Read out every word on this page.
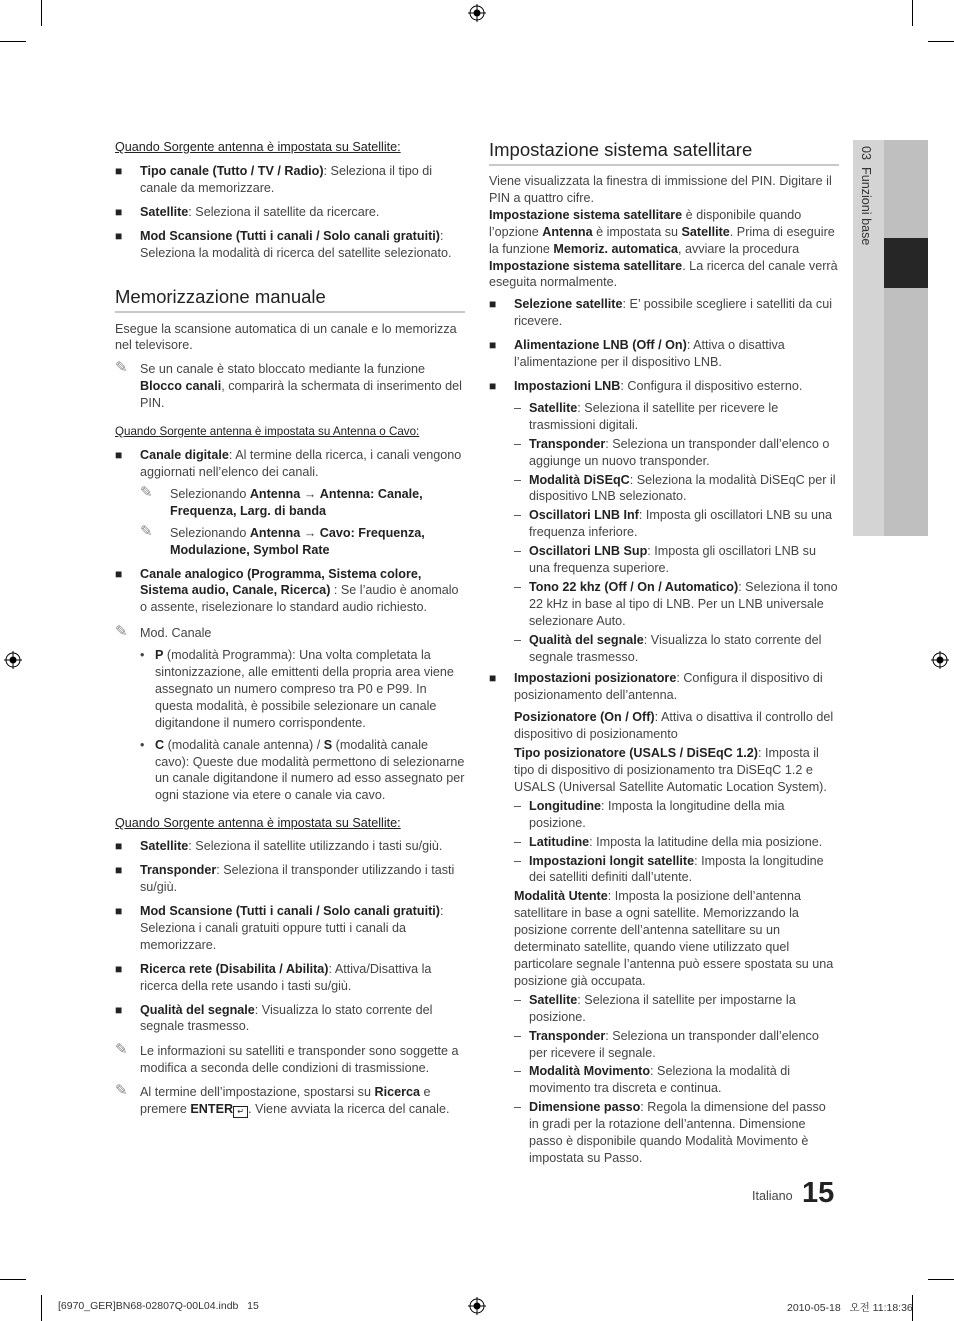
03  Funzioni base

Quando Sorgente antenna è impostata su Satellite:

■ Tipo canale (Tutto / TV / Radio): Seleziona il tipo di canale da memorizzare.

■ Satellite: Seleziona il satellite da ricercare.

■ Mod Scansione (Tutti i canali / Solo canali gratuiti): Seleziona la modalità di ricerca del satellite selezionato.

Memorizzazione manuale

Esegue la scansione automatica di un canale e lo memorizza nel televisore.

✎ Se un canale è stato bloccato mediante la funzione Blocco canali, comparirà la schermata di inserimento del PIN.

Quando Sorgente antenna è impostata su Antenna o Cavo:

■ Canale digitale: Al termine della ricerca, i canali vengono aggiornati nell’elenco dei canali.

✎ Selezionando Antenna → Antenna: Canale, Frequenza, Larg. di banda

✎ Selezionando Antenna → Cavo: Frequenza, Modulazione, Symbol Rate

■ Canale analogico (Programma, Sistema colore, Sistema audio, Canale, Ricerca) : Se l’audio è anomalo o assente, riselezionare lo standard audio richiesto.

✎ Mod. Canale

• P (modalità Programma): Una volta completata la sintonizzazione, alle emittenti della propria area viene assegnato un numero compreso tra P0 e P99. In questa modalità, è possibile selezionare un canale digitandone il numero corrispondente.

• C (modalità canale antenna) / S (modalità canale cavo): Queste due modalità permettono di selezionarne un canale digitandone il numero ad esso assegnato per ogni stazione via etere o canale via cavo.

Quando Sorgente antenna è impostata su Satellite:

■ Satellite: Seleziona il satellite utilizzando i tasti su/giù.

■ Transponder: Seleziona il transponder utilizzando i tasti su/giù.

■ Mod Scansione (Tutti i canali / Solo canali gratuiti): Seleziona i canali gratuiti oppure tutti i canali da memorizzare.

■ Ricerca rete (Disabilita / Abilita): Attiva/Disattiva la ricerca della rete usando i tasti su/giù.

■ Qualità del segnale: Visualizza lo stato corrente del segnale trasmesso.

✎ Le informazioni su satelliti e transponder sono soggette a modifica a seconda delle condizioni di trasmissione.

✎ Al termine dell’impostazione, spostarsi su Ricerca e premere ENTER ↵ . Viene avviata la ricerca del canale.

Impostazione sistema satellitare

Viene visualizzata la finestra di immissione del PIN. Digitare il PIN a quattro cifre.

Impostazione sistema satellitare è disponibile quando l’opzione Antenna è impostata su Satellite. Prima di eseguire la funzione Memoriz. automatica, avviare la procedura Impostazione sistema satellitare. La ricerca del canale verrà eseguita normalmente.

■ Selezione satellite: E’ possibile scegliere i satelliti da cui ricevere.

■ Alimentazione LNB (Off / On): Attiva o disattiva l’alimentazione per il dispositivo LNB.

■ Impostazioni LNB: Configura il dispositivo esterno.

– Satellite: Seleziona il satellite per ricevere le trasmissioni digitali.

– Transponder: Seleziona un transponder dall’elenco o aggiunge un nuovo transponder.

– Modalità DiSEqC: Seleziona la modalità DiSEqC per il dispositivo LNB selezionato.

– Oscillatori LNB Inf: Imposta gli oscillatori LNB su una frequenza inferiore.

– Oscillatori LNB Sup: Imposta gli oscillatori LNB su una frequenza superiore.

– Tono 22 khz (Off / On / Automatico): Seleziona il tono 22 kHz in base al tipo di LNB. Per un LNB universale selezionare Auto.

– Qualità del segnale: Visualizza lo stato corrente del segnale trasmesso.

■ Impostazioni posizionatore: Configura il dispositivo di posizionamento dell’antenna.

Posizionatore (On / Off): Attiva o disattiva il controllo del dispositivo di posizionamento

Tipo posizionatore (USALS / DiSEqC 1.2): Imposta il tipo di dispositivo di posizionamento tra DiSEqC 1.2 e USALS (Universal Satellite Automatic Location System).

– Longitudine: Imposta la longitudine della mia posizione.

– Latitudine: Imposta la latitudine della mia posizione.

– Impostazioni longit satellite: Imposta la longitudine dei satelliti definiti dall’utente.

Modalità Utente: Imposta la posizione dell’antenna satellitare in base a ogni satellite. Memorizzando la posizione corrente dell’antenna satellitare su un determinato satellite, quando viene utilizzato quel particolare segnale l’antenna può essere spostata su una posizione già occupata.

– Satellite: Seleziona il satellite per impostarne la posizione.

– Transponder: Seleziona un transponder dall’elenco per ricevere il segnale.

– Modalità Movimento: Seleziona la modalità di movimento tra discreta e continua.

– Dimensione passo: Regola la dimensione del passo in gradi per la rotazione dell’antenna. Dimensione passo è disponibile quando Modalità Movimento è impostata su Passo.

Italiano 15
[6970_GER]BN68-02807Q-00L04.indb   15	2010-05-18   오전 11:18:36
